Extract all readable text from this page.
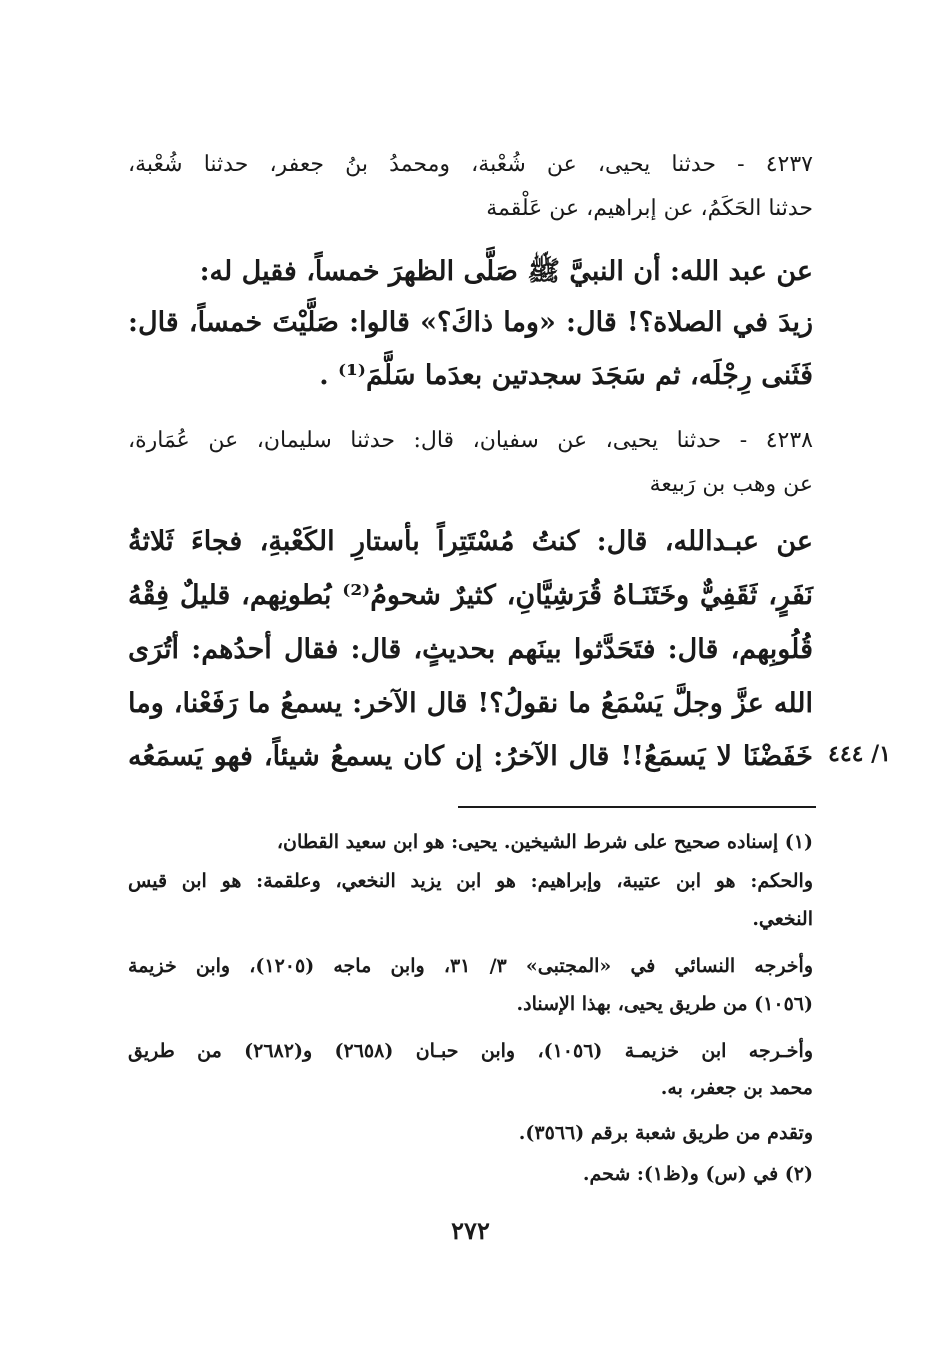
٤٢٣٧ - حدثنا يحيى، عن شُعْبة، ومحمدُ بنُ جعفر، حدثنا شُعْبة،
حدثنا الحَكَمُ، عن إبراهيم، عن عَلْقمة
عن عبد الله: أن النبيَّ ﷺ صَلَّى الظهرَ خمساً، فقيل له:
زيدَ في الصلاة؟! قال: «وما ذاكَ؟» قالوا: صَلَّيْتَ خمساً، قال:
فَثَنى رِجْلَه، ثم سَجَدَ سجدتين بعدَما سَلَّمَ⁽¹⁾ .
٤٢٣٨ - حدثنا يحيى، عن سفيان، قال: حدثنا سليمان، عن عُمَارة،
عن وهب بن رَبيعة
عن عبـدالله، قال: كنتُ مُسْتَتِراً بأستارِ الكَعْبةِ، فجاءَ ثَلاثةُ
نَفَرٍ، ثَقَفِيٌّ وخَتَنَـاهُ قُرَشِيَّانِ، كثيرٌ شحومُ⁽²⁾ بُطونِهم، قليلٌ فِقْهُ
قُلُوبِهم، قال: فتَحَدَّثوا بينَهم بحديثٍ، قال: فقال أحدُهم: أتُرَى
الله عزَّ وجلَّ يَسْمَعُ ما نقولُ؟! قال الآخر: يسمعُ ما رَفَعْنا، وما
خَفَضْنَا لا يَسمَعُ!! قال الآخرُ: إن كان يسمعُ شيئاً، فهو يَسمَعُه ١/ ٤٤٤
(١) إسناده صحيح على شرط الشيخين. يحيى: هو ابن سعيد القطان،
والحكم: هو ابن عتيبة، وإبراهيم: هو ابن يزيد النخعي، وعلقمة: هو ابن قيس
النخعي.
وأخرجه النسائي في «المجتبى» ٣/ ٣١، وابن ماجه (١٢٠٥)، وابن خزيمة
(١٠٥٦) من طريق يحيى، بهذا الإسناد.
وأخـرجه ابن خزيمـة (١٠٥٦)، وابن حبـان (٢٦٥٨) و(٢٦٨٢) من طريق
محمد بن جعفر، به.
وتقدم من طريق شعبة برقم (٣٥٦٦).
(٢) في (س) و(ظ١): شحم.
٢٧٢
